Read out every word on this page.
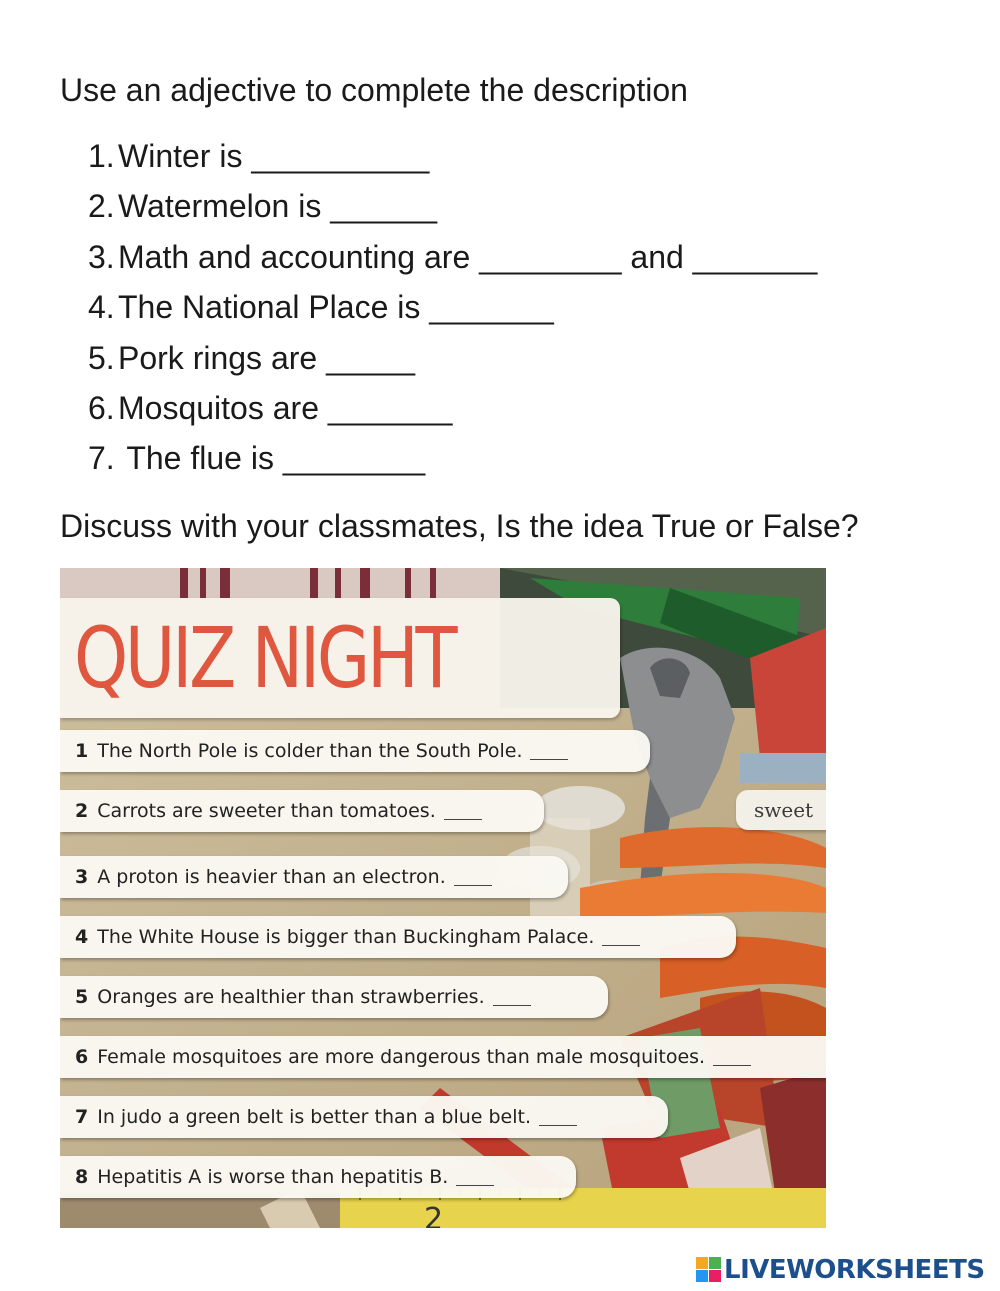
Use an adjective to complete the description
1. Winter is __________
2. Watermelon is ______
3. Math and accounting are ________ and _______
4. The National Place is _______
5. Pork rings are _____
6. Mosquitos are _______
7. The flue is ________
Discuss with your classmates, Is the idea True or False?
QUIZ NIGHT
1 The North Pole is colder than the South Pole.
2 Carrots are sweeter than tomatoes.
3 A proton is heavier than an electron.
4 The White House is bigger than Buckingham Palace.
5 Oranges are healthier than strawberries.
6 Female mosquitoes are more dangerous than male mosquitoes.
7 In judo a green belt is better than a blue belt.
8 Hepatitis A is worse than hepatitis B.
sweet
2
LIVEWORKSHEETS
